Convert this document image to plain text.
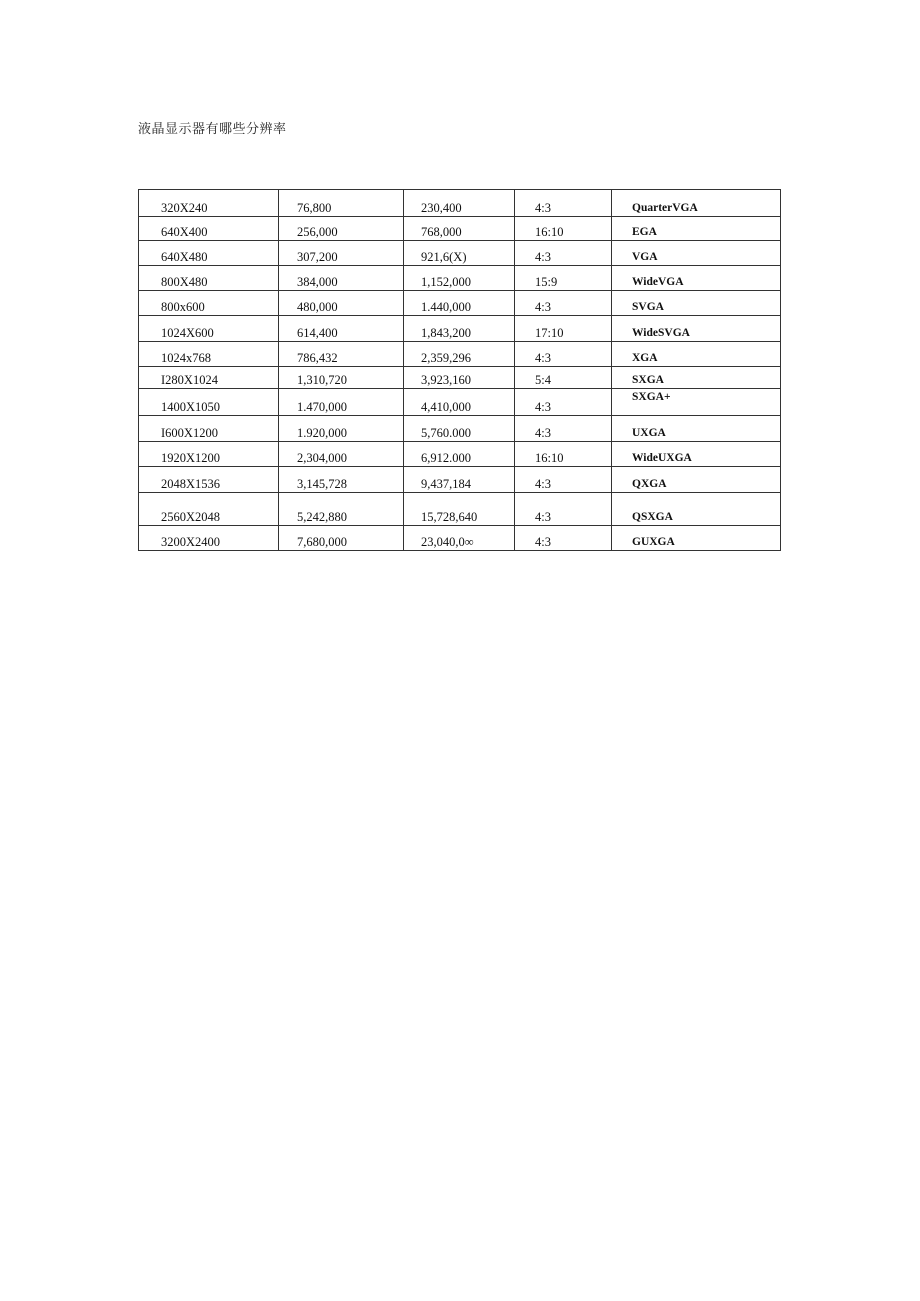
液晶显示器有哪些分辨率
320X240	76,800	230,400	4:3	QuarterVGA
640X400	256,000	768,000	16:10	EGA
640X480	307,200	921,6(X)	4:3	VGA
800X480	384,000	1,152,000	15:9	WideVGA
800x600	480,000	1.440,000	4:3	SVGA
1024X600	614,400	1,843,200	17:10	WideSVGA
1024x768	786,432	2,359,296	4:3	XGA
I280X1024	1,310,720	3,923,160	5:4	SXGA
1400X1050	1.470,000	4,410,000	4:3	SXGA+
I600X1200	1.920,000	5,760.000	4:3	UXGA
1920X1200	2,304,000	6,912.000	16:10	WideUXGA
2048X1536	3,145,728	9,437,184	4:3	QXGA
2560X2048	5,242,880	15,728,640	4:3	QSXGA
3200X2400	7,680,000	23,040,0∞	4:3	GUXGA
